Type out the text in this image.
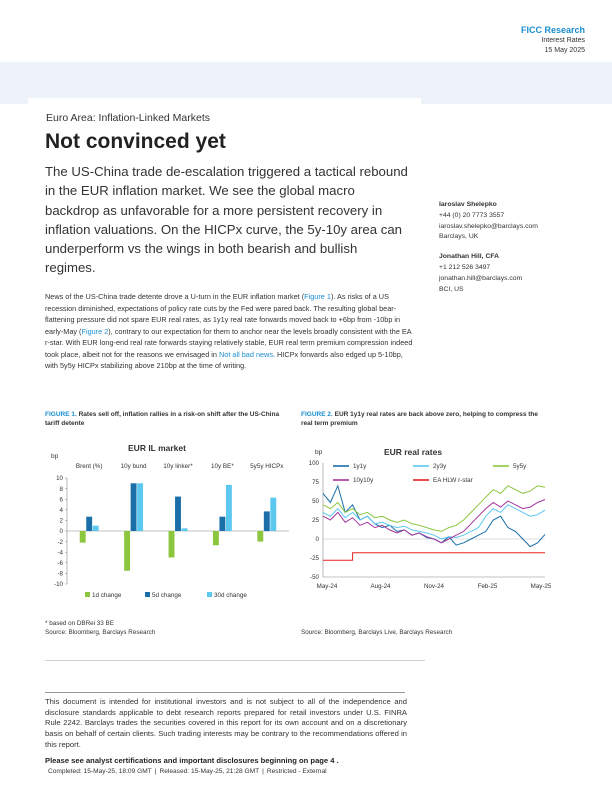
FICC Research
Interest Rates
15 May 2025
Euro Area: Inflation-Linked Markets
Not convinced yet
The US-China trade de-escalation triggered a tactical rebound in the EUR inflation market. We see the global macro backdrop as unfavorable for a more persistent recovery in inflation valuations. On the HICPx curve, the 5y-10y area can underperform vs the wings in both bearish and bullish regimes.
Iaroslav Shelepko
+44 (0) 20 7773 3557
iaroslav.shelepko@barclays.com
Barclays, UK
Jonathan Hill, CFA
+1 212 526 3497
jonathan.hill@barclays.com
BCI, US
News of the US-China trade detente drove a U-turn in the EUR inflation market (Figure 1). As risks of a US recession diminished, expectations of policy rate cuts by the Fed were pared back. The resulting global bear-flattening pressure did not spare EUR real rates, as 1y1y real rate forwards moved back to +6bp from -10bp in early-May (Figure 2), contrary to our expectation for them to anchor near the levels broadly consistent with the EA r-star. With EUR long-end real rate forwards staying relatively stable, EUR real term premium compression indeed took place, albeit not for the reasons we envisaged in Not all bad news. HICPx forwards also edged up 5-10bp, with 5y5y HICPx stabilizing above 210bp at the time of writing.
FIGURE 1. Rates sell off, inflation rallies in a risk-on shift after the US-China tariff detente
FIGURE 2. EUR 1y1y real rates are back above zero, helping to compress the real term premium
EUR IL market
bp
-10
-8
-6
-4
-2
0
2
4
6
8
10
Brent (%)	10y bund	10y linker*	10y BE*	5y5y HICPx
1d change	5d change	30d change
EUR real rates
bp
-50
-25
0
25
50
75
100
May-24	Aug-24	Nov-24	Feb-25	May-25
1y1y	2y3y	5y5y
10y10y	EA HLW r-star
* based on DBRei 33 BE
Source: Bloomberg, Barclays Research	Source: Bloomberg, Barclays Live, Barclays Research
This document is intended for institutional investors and is not subject to all of the independence and disclosure standards applicable to debt research reports prepared for retail investors under U.S. FINRA Rule 2242. Barclays trades the securities covered in this report for its own account and on a discretionary basis on behalf of certain clients. Such trading interests may be contrary to the recommendations offered in this report.
Please see analyst certifications and important disclosures beginning on page 4 .
Completed: 15-May-25, 18:09 GMT | Released: 15-May-25, 21:28 GMT | Restricted - External
